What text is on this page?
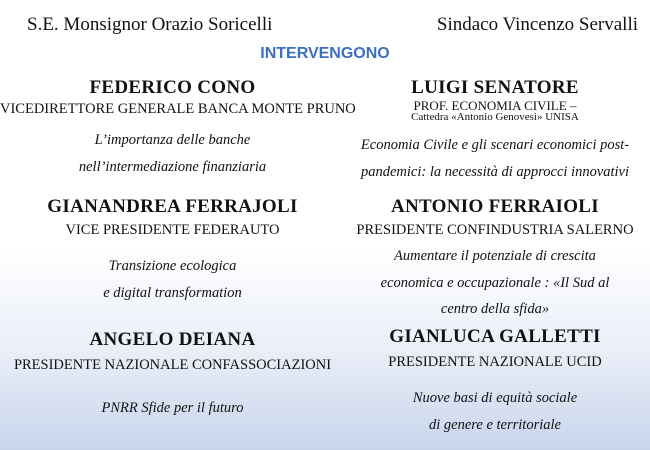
S.E. Monsignor Orazio Soricelli	Sindaco Vincenzo Servalli
INTERVENGONO
FEDERICO CONO
VICEDIRETTORE GENERALE BANCA MONTE PRUNO
L’importanza delle banche
nell’intermediazione finanziaria
LUIGI SENATORE
PROF. ECONOMIA CIVILE –
Cattedra «Antonio Genovesi» UNISA
Economia Civile e gli scenari economici post-
pandemici: la necessità di approcci innovativi
GIANANDREA FERRAJOLI
VICE PRESIDENTE FEDERAUTO
Transizione ecologica
e digital transformation
ANTONIO FERRAIOLI
PRESIDENTE CONFINDUSTRIA SALERNO
Aumentare il potenziale di crescita
economica e occupazionale : «Il Sud al
centro della sfida»
ANGELO DEIANA
PRESIDENTE NAZIONALE CONFASSOCIAZIONI
PNRR Sfide per il futuro
GIANLUCA GALLETTI
PRESIDENTE NAZIONALE UCID
Nuove basi di equità sociale
di genere e territoriale
